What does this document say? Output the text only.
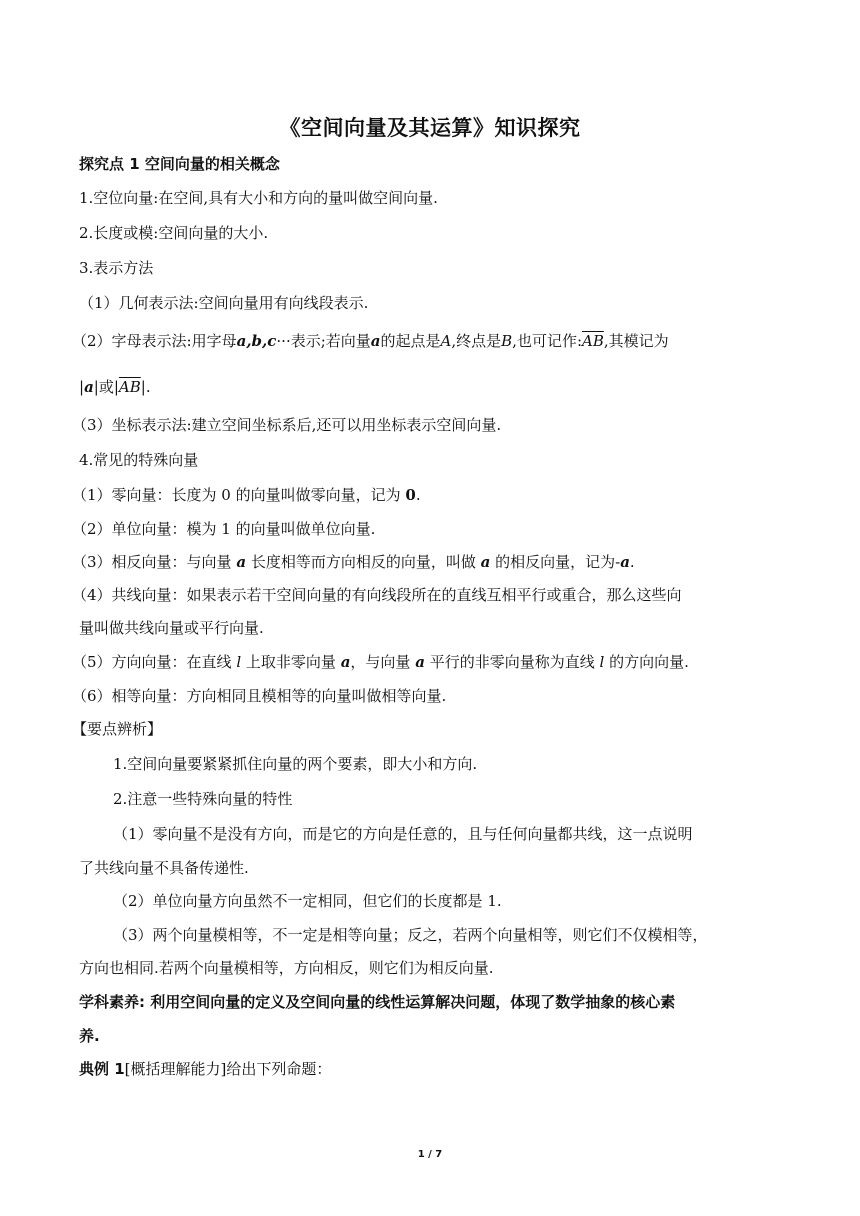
《空间向量及其运算》知识探究
探究点 1 空间向量的相关概念
1.空位向量:在空间,具有大小和方向的量叫做空间向量.
2.长度或模:空间向量的大小.
3.表示方法
（1）几何表示法:空间向量用有向线段表示.
（2）字母表示法:用字母a,b,c···表示;若向量a的起点是A,终点是B,也可记作$:\overline{AB}$,其模记为
|a|或$|\overline{AB}|$.
（3）坐标表示法:建立空间坐标系后,还可以用坐标表示空间向量.
4.常见的特殊向量
（1）零向量：长度为 0 的向量叫做零向量，记为 0.
（2）单位向量：模为 1 的向量叫做单位向量.
（3）相反向量：与向量 a 长度相等而方向相反的向量，叫做 a 的相反向量，记为-a.
（4）共线向量：如果表示若干空间向量的有向线段所在的直线互相平行或重合，那么这些向
量叫做共线向量或平行向量.
（5）方向向量：在直线 l 上取非零向量 a，与向量 a 平行的非零向量称为直线 l 的方向向量.
（6）相等向量：方向相同且模相等的向量叫做相等向量.
【要点辨析】
1.空间向量要紧紧抓住向量的两个要素，即大小和方向.
2.注意一些特殊向量的特性
（1）零向量不是没有方向，而是它的方向是任意的，且与任何向量都共线，这一点说明
了共线向量不具备传递性.
（2）单位向量方向虽然不一定相同，但它们的长度都是 1.
（3）两个向量模相等，不一定是相等向量；反之，若两个向量相等，则它们不仅模相等，
方向也相同.若两个向量模相等，方向相反，则它们为相反向量.
学科素养: 利用空间向量的定义及空间向量的线性运算解决问题，体现了数学抽象的核心素
养.
典例 1[概括理解能力]给出下列命题：
1 / 7
